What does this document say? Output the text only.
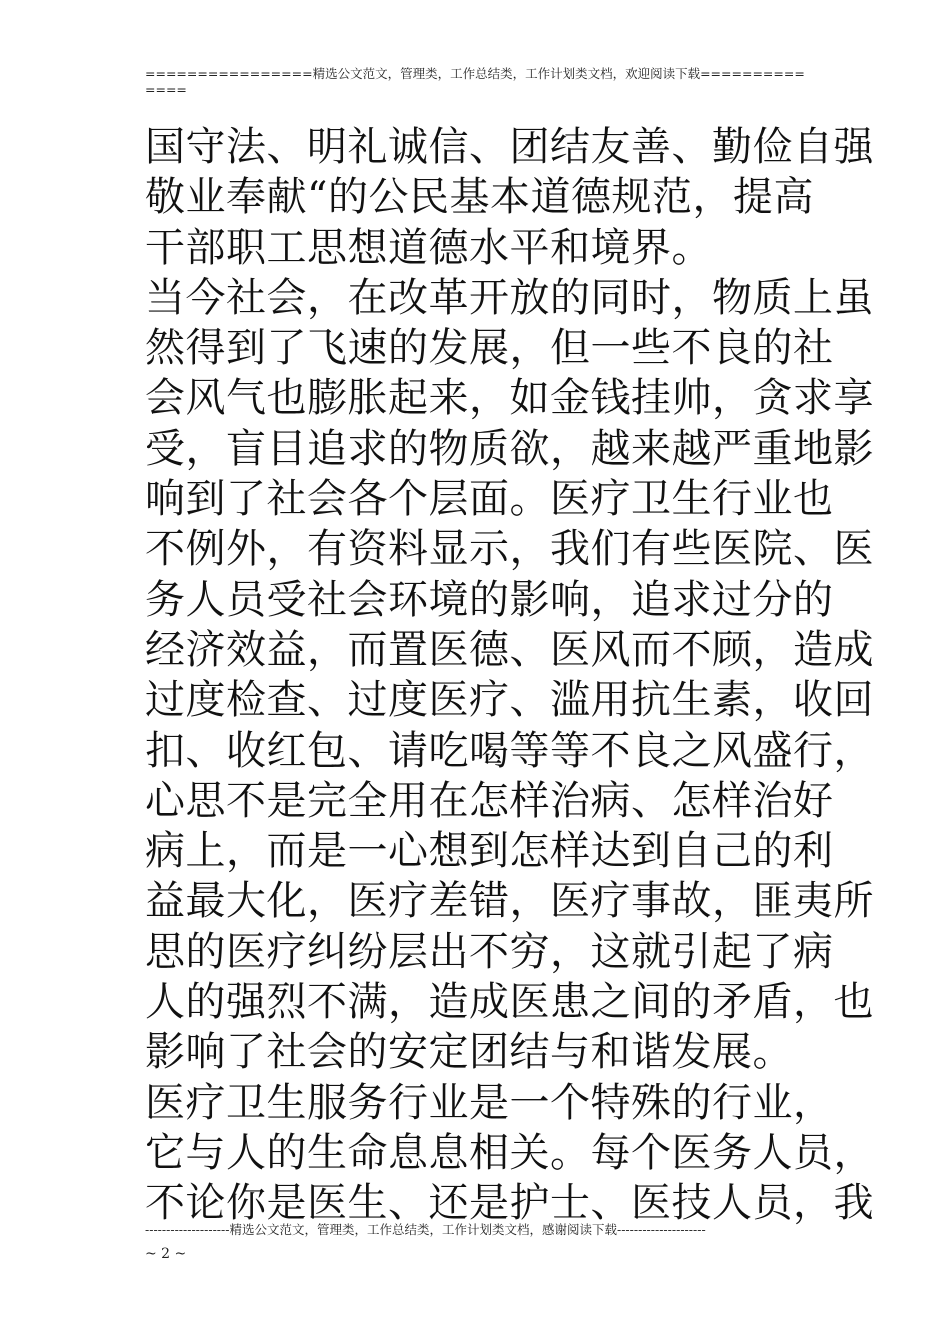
================精选公文范文，管理类，工作总结类，工作计划类文档，欢迎阅读下载==============
国守法、明礼诚信、团结友善、勤俭自强
敬业奉献“的公民基本道德规范，提高
干部职工思想道德水平和境界。
当今社会，在改革开放的同时，物质上虽
然得到了飞速的发展，但一些不良的社
会风气也膨胀起来，如金钱挂帅，贪求享
受，盲目追求的物质欲，越来越严重地影
响到了社会各个层面。医疗卫生行业也
不例外，有资料显示，我们有些医院、医
务人员受社会环境的影响，追求过分的
经济效益，而置医德、医风而不顾，造成
过度检查、过度医疗、滥用抗生素，收回
扣、收红包、请吃喝等等不良之风盛行，
心思不是完全用在怎样治病、怎样治好
病上，而是一心想到怎样达到自己的利
益最大化，医疗差错，医疗事故，匪夷所
思的医疗纠纷层出不穷，这就引起了病
人的强烈不满，造成医患之间的矛盾，也
影响了社会的安定团结与和谐发展。
医疗卫生服务行业是一个特殊的行业，
它与人的生命息息相关。每个医务人员，
不论你是医生、还是护士、医技人员，我
--------------------精选公文范文，管理类，工作总结类，工作计划类文档，感谢阅读下载---------------------
~ 2 ~
